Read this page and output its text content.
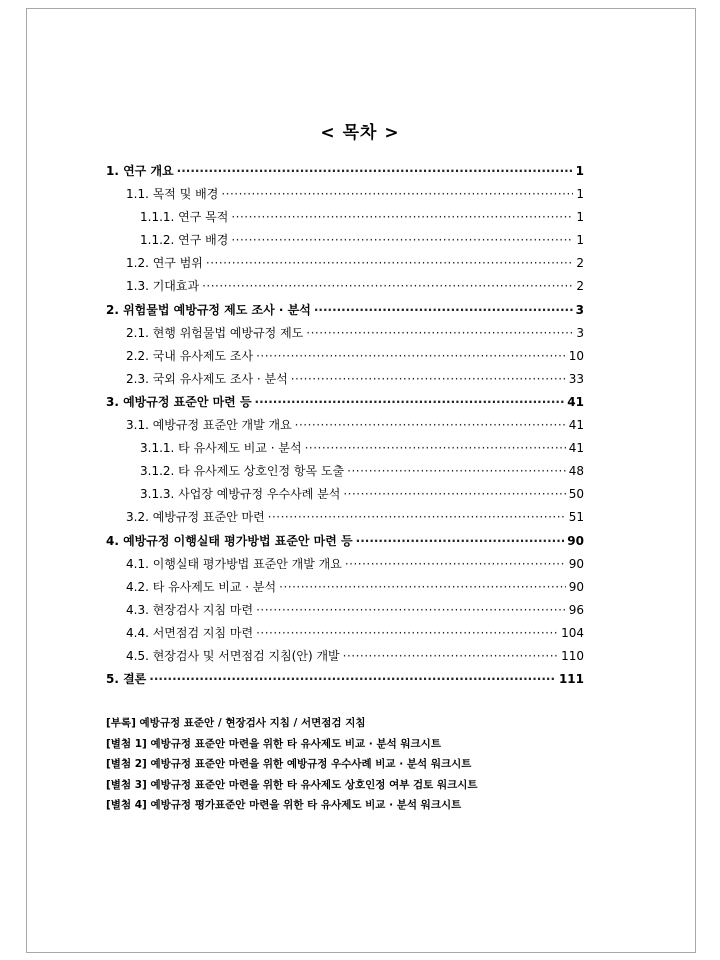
< 목차 >
1. 연구 개요 ·····	1
1.1. 목적 및 배경 ·····	1
1.1.1. 연구 목적 ·····	1
1.1.2. 연구 배경 ·····	1
1.2. 연구 범위 ·····	2
1.3. 기대효과 ·····	2
2. 위험물법 예방규정 제도 조사 · 분석 ·····	3
2.1. 현행 위험물법 예방규정 제도 ·····	3
2.2. 국내 유사제도 조사 ·····	10
2.3. 국외 유사제도 조사 · 분석 ·····	33
3. 예방규정 표준안 마련 등 ·····	41
3.1. 예방규정 표준안 개발 개요 ·····	41
3.1.1. 타 유사제도 비교 · 분석 ·····	41
3.1.2. 타 유사제도 상호인정 항목 도출 ·····	48
3.1.3. 사업장 예방규정 우수사례 분석 ·····	50
3.2. 예방규정 표준안 마련 ·····	51
4. 예방규정 이행실태 평가방법 표준안 마련 등 ·····	90
4.1. 이행실태 평가방법 표준안 개발 개요 ·····	90
4.2. 타 유사제도 비교 · 분석 ·····	90
4.3. 현장검사 지침 마련 ·····	96
4.4. 서면점검 지침 마련 ·····	104
4.5. 현장검사 및 서면점검 지침(안) 개발 ·····	110
5. 결론 ·····	111
[부록] 예방규정 표준안 / 현장검사 지침 / 서면점검 지침
[별첨 1] 예방규정 표준안 마련을 위한 타 유사제도 비교 · 분석 워크시트
[별첨 2] 예방규정 표준안 마련을 위한 예방규정 우수사례 비교 · 분석 워크시트
[별첨 3] 예방규정 표준안 마련을 위한 타 유사제도 상호인정 여부 검토 워크시트
[별첨 4] 예방규정 평가표준안 마련을 위한 타 유사제도 비교 · 분석 워크시트
